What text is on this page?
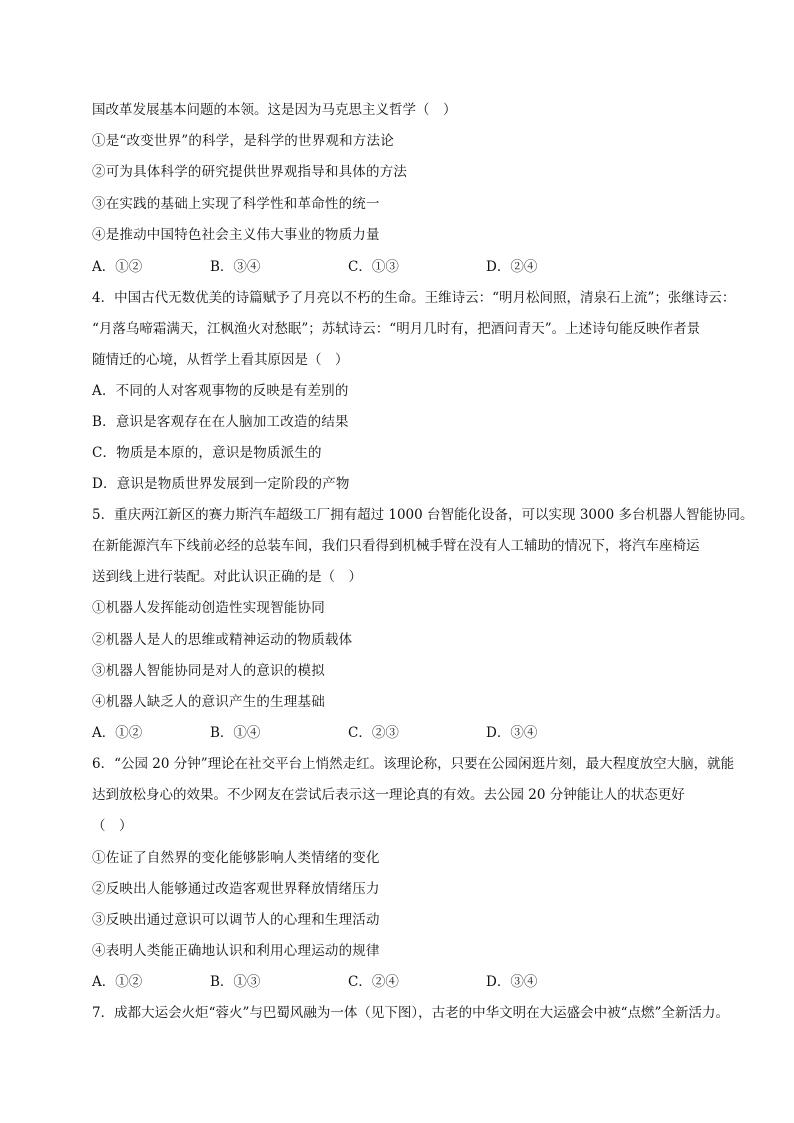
国改革发展基本问题的本领。这是因为马克思主义哲学（　）
①是“改变世界”的科学，是科学的世界观和方法论
②可为具体科学的研究提供世界观指导和具体的方法
③在实践的基础上实现了科学性和革命性的统一
④是推动中国特色社会主义伟大事业的物质力量
A．①②	B．③④	C．①③	D．②④
4．中国古代无数优美的诗篇赋予了月亮以不朽的生命。王维诗云：“明月松间照，清泉石上流”；张继诗云：
“月落乌啼霜满天，江枫渔火对愁眠”；苏轼诗云：“明月几时有，把酒问青天”。上述诗句能反映作者景
随情迁的心境，从哲学上看其原因是（　）
A．不同的人对客观事物的反映是有差别的
B．意识是客观存在在人脑加工改造的结果
C．物质是本原的，意识是物质派生的
D．意识是物质世界发展到一定阶段的产物
5．重庆两江新区的赛力斯汽车超级工厂拥有超过 1000 台智能化设备，可以实现 3000 多台机器人智能协同。
在新能源汽车下线前必经的总装车间，我们只看得到机械手臂在没有人工辅助的情况下，将汽车座椅运
送到线上进行装配。对此认识正确的是（　）
①机器人发挥能动创造性实现智能协同
②机器人是人的思维或精神运动的物质载体
③机器人智能协同是对人的意识的模拟
④机器人缺乏人的意识产生的生理基础
A．①②	B．①④	C．②③	D．③④
6．“公园 20 分钟”理论在社交平台上悄然走红。该理论称，只要在公园闲逛片刻，最大程度放空大脑，就能
达到放松身心的效果。不少网友在尝试后表示这一理论真的有效。去公园 20 分钟能让人的状态更好
（　）
①佐证了自然界的变化能够影响人类情绪的变化
②反映出人能够通过改造客观世界释放情绪压力
③反映出通过意识可以调节人的心理和生理活动
④表明人类能正确地认识和利用心理运动的规律
A．①②	B．①③	C．②④	D．③④
7．成都大运会火炬“蓉火”与巴蜀风融为一体（见下图），古老的中华文明在大运盛会中被“点燃”全新活力。
